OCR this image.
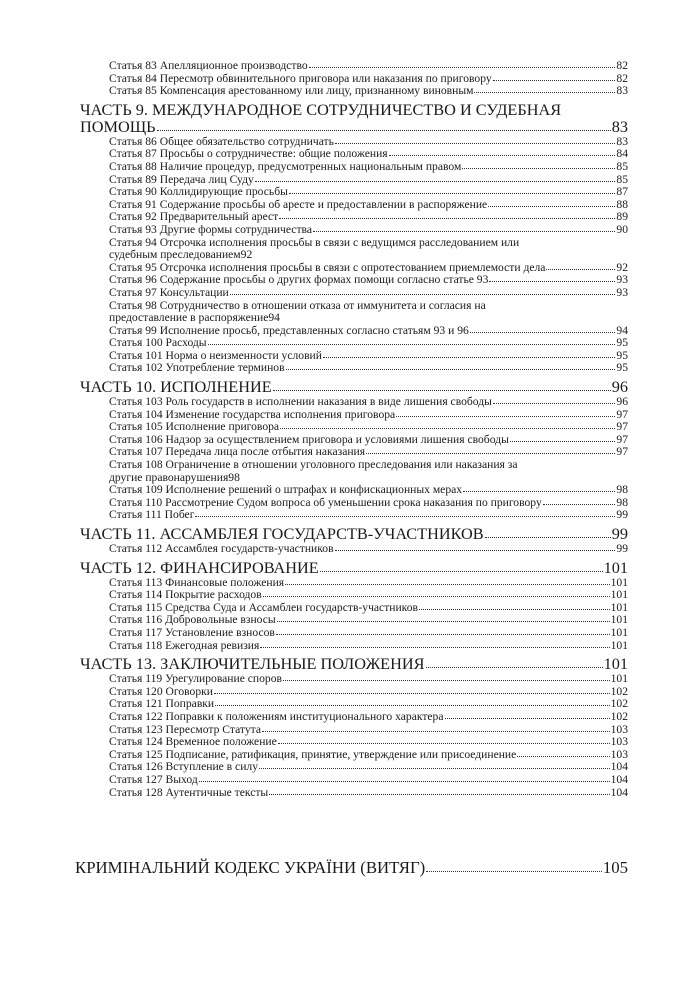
Статья 83 Апелляционное производство	82
Статья 84 Пересмотр обвинительного приговора или наказания по приговору	82
Статья 85 Компенсация арестованному или лицу, признанному виновным	83
ЧАСТЬ 9. МЕЖДУНАРОДНОЕ СОТРУДНИЧЕСТВО И СУДЕБНАЯ
ПОМОЩЬ	83
Статья 86 Общее обязательство сотрудничать	83
Статья 87 Просьбы о сотрудничестве: общие положения	84
Статья 88 Наличие процедур, предусмотренных национальным правом	85
Статья 89 Передача лиц Суду	85
Статья 90 Коллидирующие просьбы	87
Статья 91 Содержание просьбы об аресте и предоставлении в распоряжение	88
Статья 92 Предварительный арест	89
Статья 93 Другие формы сотрудничества	90
Статья 94 Отсрочка исполнения просьбы в связи с ведущимся расследованием или
судебным преследованием 92
Статья 95 Отсрочка исполнения просьбы в связи с опротестованием приемлемости дела	92
Статья 96 Содержание просьбы о других формах помощи согласно статье 93	93
Статья 97 Консультации	93
Статья 98 Сотрудничество в отношении отказа от иммунитета и согласия на
предоставление в распоряжение 94
Статья 99 Исполнение просьб, представленных согласно статьям 93 и 96	94
Статья 100 Расходы	95
Статья 101 Норма о неизменности условий	95
Статья 102 Употребление терминов	95
ЧАСТЬ 10. ИСПОЛНЕНИЕ	96
Статья 103 Роль государств в исполнении наказания в виде лишения свободы	96
Статья 104 Изменение государства исполнения приговора	97
Статья 105 Исполнение приговора	97
Статья 106 Надзор за осуществлением приговора и условиями лишения свободы	97
Статья 107 Передача лица после отбытия наказания	97
Статья 108 Ограничение в отношении уголовного преследования или наказания за
другие правонарушения 98
Статья 109 Исполнение решений о штрафах и конфискационных мерах	98
Статья 110 Рассмотрение Судом вопроса об уменьшении срока наказания по приговору	98
Статья 111 Побег	99
ЧАСТЬ 11. АССАМБЛЕЯ ГОСУДАРСТВ-УЧАСТНИКОВ	99
Статья 112 Ассамблея государств-участников	99
ЧАСТЬ 12. ФИНАНСИРОВАНИЕ	101
Статья 113 Финансовые положения	101
Статья 114 Покрытие расходов	101
Статья 115 Средства Суда и Ассамблеи государств-участников	101
Статья 116 Добровольные взносы	101
Статья 117 Установление взносов	101
Статья 118 Ежегодная ревизия	101
ЧАСТЬ 13. ЗАКЛЮЧИТЕЛЬНЫЕ ПОЛОЖЕНИЯ	101
Статья 119 Урегулирование споров	101
Статья 120 Оговорки	102
Статья 121 Поправки	102
Статья 122 Поправки к положениям институционального характера	102
Статья 123 Пересмотр Статута	103
Статья 124 Временное положение	103
Статья 125 Подписание, ратификация, принятие, утверждение или присоединение	103
Статья 126 Вступление в силу	104
Статья 127 Выход	104
Статья 128 Аутентичные тексты	104
КРИМІНАЛЬНИЙ КОДЕКС УКРАЇНИ (ВИТЯГ)	105
